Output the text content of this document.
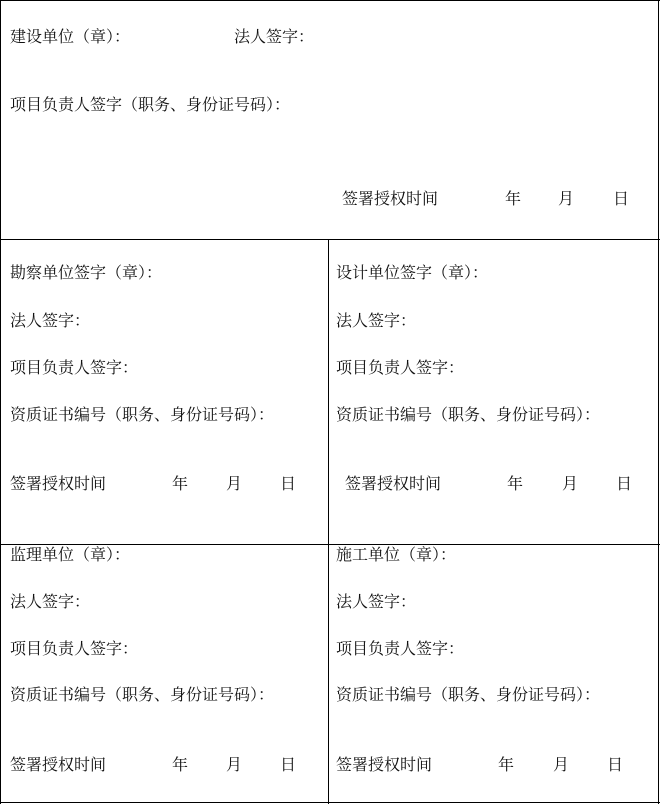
建设单位（章）：	法人签字：
项目负责人签字（职务、身份证号码）：
签署授权时间	年 月 日
勘察单位签字（章）：
法人签字：
项目负责人签字：
资质证书编号（职务、身份证号码）：
签署授权时间	年 月 日
设计单位签字（章）：
法人签字：
项目负责人签字：
资质证书编号（职务、身份证号码）：
签署授权时间	年 月 日
监理单位（章）：
法人签字：
项目负责人签字：
资质证书编号（职务、身份证号码）：
签署授权时间	年 月 日
施工单位（章）：
法人签字：
项目负责人签字：
资质证书编号（职务、身份证号码）：
签署授权时间	年 月 日
